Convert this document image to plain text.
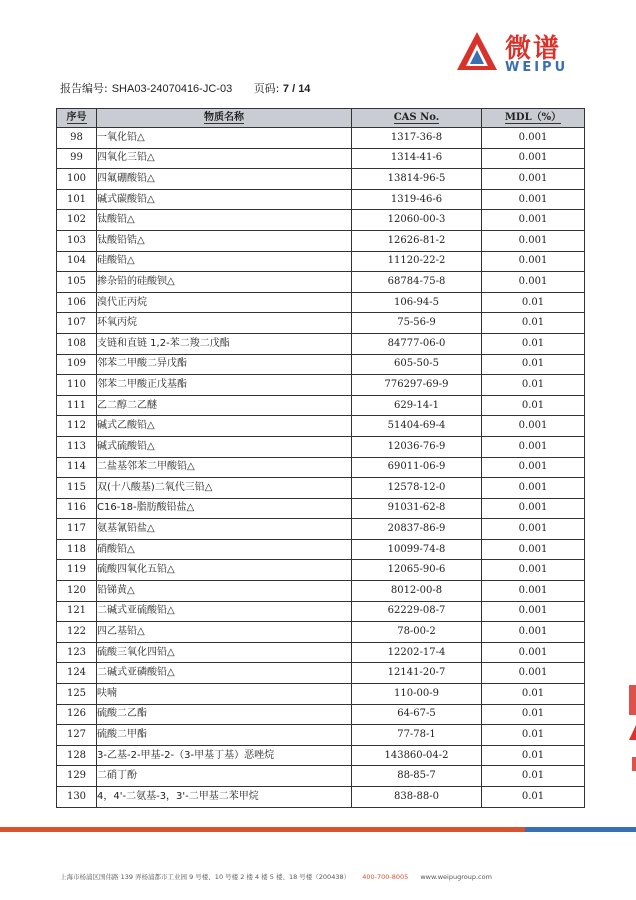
微谱
WEIPU
报告编号: SHA03-24070416-JC-03 页码: 7 / 14
序号	物质名称	CAS No.	MDL（%）
98	一氧化铅△	1317-36-8	0.001
99	四氧化三铅△	1314-41-6	0.001
100	四氟硼酸铅△	13814-96-5	0.001
101	碱式碳酸铅△	1319-46-6	0.001
102	钛酸铅△	12060-00-3	0.001
103	钛酸铅锆△	12626-81-2	0.001
104	硅酸铅△	11120-22-2	0.001
105	掺杂铅的硅酸钡△	68784-75-8	0.001
106	溴代正丙烷	106-94-5	0.01
107	环氧丙烷	75-56-9	0.01
108	支链和直链 1,2-苯二羧二戊酯	84777-06-0	0.01
109	邻苯二甲酸二异戊酯	605-50-5	0.01
110	邻苯二甲酸正戊基酯	776297-69-9	0.01
111	乙二醇二乙醚	629-14-1	0.01
112	碱式乙酸铅△	51404-69-4	0.001
113	碱式硫酸铅△	12036-76-9	0.001
114	二盐基邻苯二甲酸铅△	69011-06-9	0.001
115	双(十八酸基)二氧代三铅△	12578-12-0	0.001
116	C16-18-脂肪酸铅盐△	91031-62-8	0.001
117	氨基氰铅盐△	20837-86-9	0.001
118	硝酸铅△	10099-74-8	0.001
119	硫酸四氧化五铅△	12065-90-6	0.001
120	铅锑黄△	8012-00-8	0.001
121	二碱式亚硫酸铅△	62229-08-7	0.001
122	四乙基铅△	78-00-2	0.001
123	硫酸三氧化四铅△	12202-17-4	0.001
124	二碱式亚磷酸铅△	12141-20-7	0.001
125	呋喃	110-00-9	0.01
126	硫酸二乙酯	64-67-5	0.01
127	硫酸二甲酯	77-78-1	0.01
128	3-乙基-2-甲基-2-（3-甲基丁基）恶唑烷	143860-04-2	0.01
129	二硝丁酚	88-85-7	0.01
130	4，4'-二氨基-3，3'-二甲基二苯甲烷	838-88-0	0.01
上海市杨浦区国伟路 139 弄杨浦都市工业园 9 号楼、10 号楼 2 楼 4 楼 5 楼、18 号楼（200438） 400-700-8005 www.weipugroup.com
